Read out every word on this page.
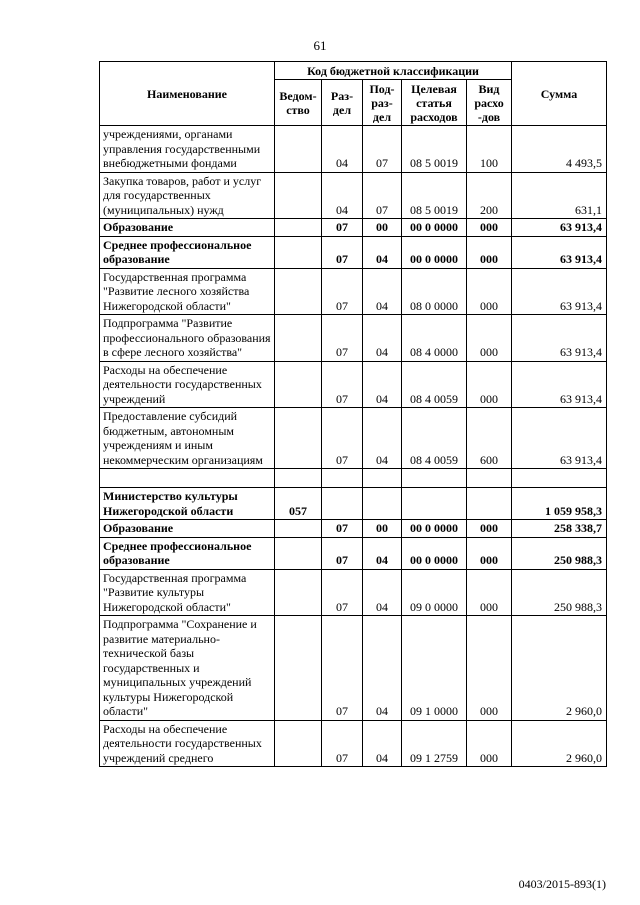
61
Наименование	Код бюджетной классификации					Сумма
	Ведом-ство	Раз-дел	Под-раз-дел	Целевая статья расходов	Вид расхо -дов	
учреждениями, органами управления государственными внебюджетными фондами		04	07	08 5 0019	100	4 493,5
Закупка товаров, работ и услуг для государственных (муниципальных) нужд		04	07	08 5 0019	200	631,1
Образование		07	00	00 0 0000	000	63 913,4
Среднее профессиональное образование		07	04	00 0 0000	000	63 913,4
Государственная программа "Развитие лесного хозяйства Нижегородской области"		07	04	08 0 0000	000	63 913,4
Подпрограмма "Развитие профессионального образования в сфере лесного хозяйства"		07	04	08 4 0000	000	63 913,4
Расходы на обеспечение деятельности государственных учреждений		07	04	08 4 0059	000	63 913,4
Предоставление субсидий бюджетным, автономным учреждениям и иным некоммерческим организациям		07	04	08 4 0059	600	63 913,4

Министерство культуры Нижегородской области	057					1 059 958,3
Образование		07	00	00 0 0000	000	258 338,7
Среднее профессиональное образование		07	04	00 0 0000	000	250 988,3
Государственная программа "Развитие культуры Нижегородской области"		07	04	09 0 0000	000	250 988,3
Подпрограмма "Сохранение и развитие материально-технической базы государственных и муниципальных учреждений культуры Нижегородской области"		07	04	09 1 0000	000	2 960,0
Расходы на обеспечение деятельности государственных учреждений среднего		07	04	09 1 2759	000	2 960,0
0403/2015-893(1)
